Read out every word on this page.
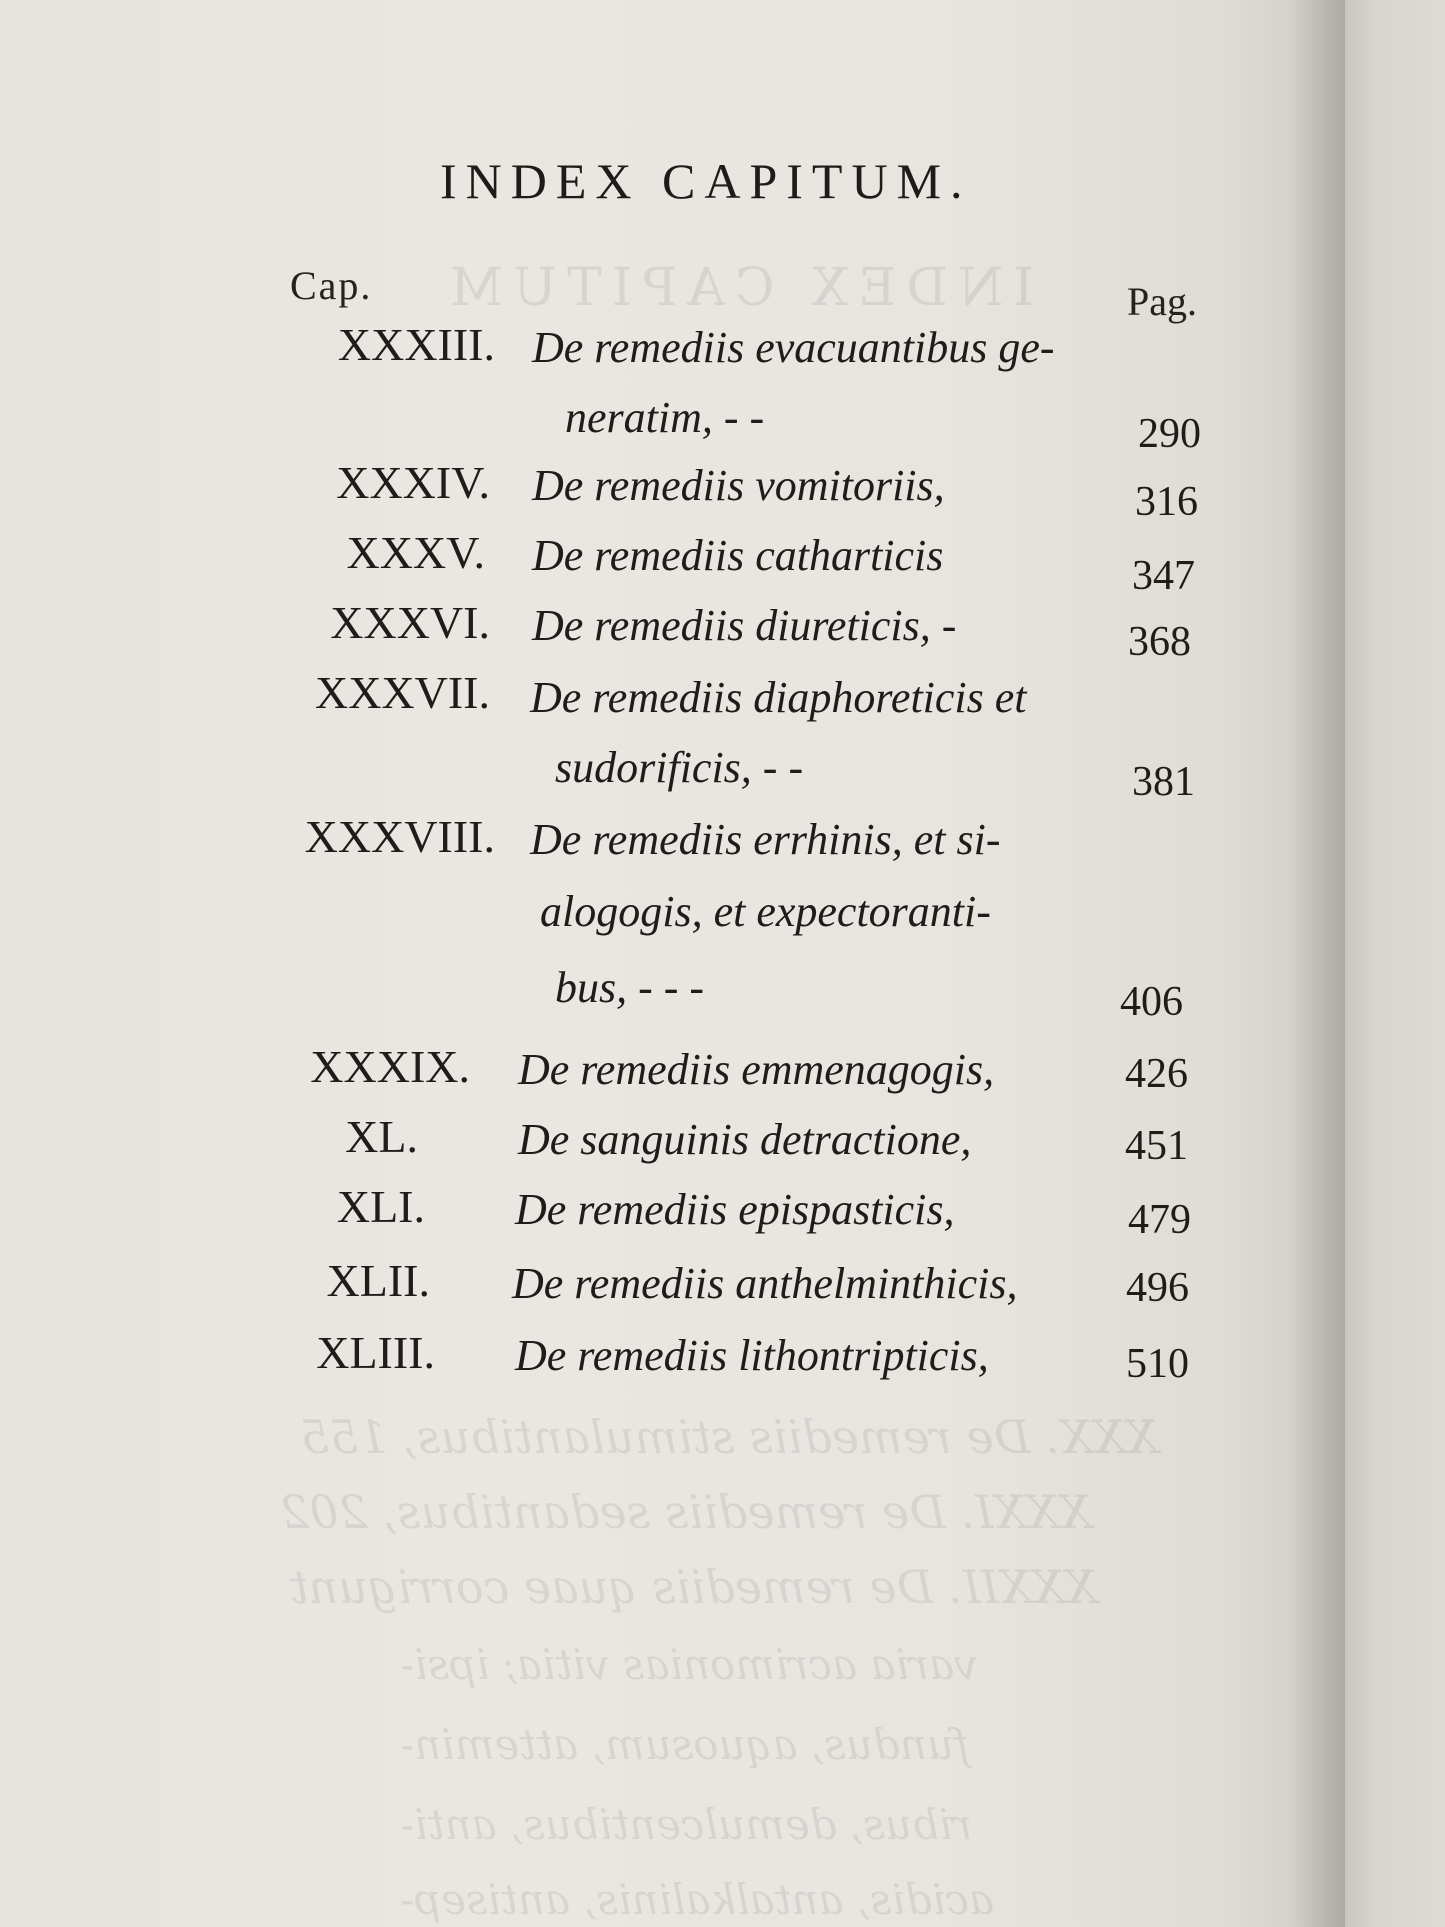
INDEX CAPITUM
XXX. De remediis stimulantibus, 155
XXXI. De remediis sedantibus, 202
XXXII. De remediis quae corrigunt
varia acrimonias vitia; ipsi-
fundus, aquosum, attemin-
ribus, demulcentibus, anti-
acidis, antalkalinis, antisep-
INDEX CAPITUM.
Cap.	Pag.
XXXIII. De remediis evacuantibus ge-
neratim, - -	290
XXXIV. De remediis vomitoriis,	316
XXXV. De remediis catharticis	347
XXXVI. De remediis diureticis, -	368
XXXVII. De remediis diaphoreticis et
sudorificis, - -	381
XXXVIII. De remediis errhinis, et si-
alogogis, et expectoranti-
bus, - - -	406
XXXIX. De remediis emmenagogis,	426
XL. De sanguinis detractione,	451
XLI. De remediis epispasticis,	479
XLII. De remediis anthelminthicis,	496
XLIII. De remediis lithontripticis,	510
